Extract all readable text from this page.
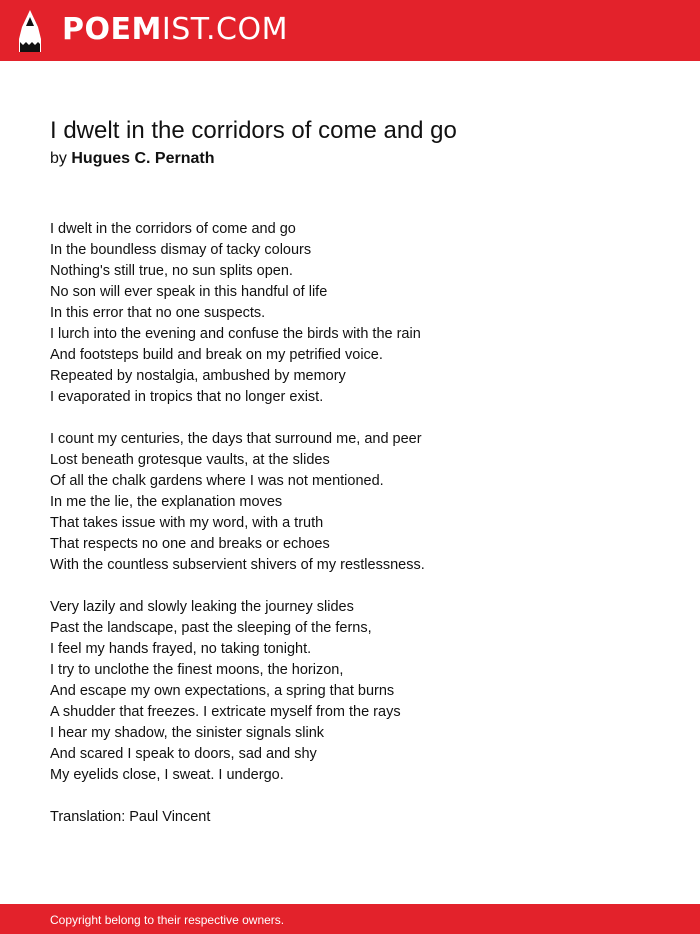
POEMIST.COM
I dwelt in the corridors of come and go
by Hugues C. Pernath
I dwelt in the corridors of come and go
In the boundless dismay of tacky colours
Nothing's still true, no sun splits open.
No son will ever speak in this handful of life
In this error that no one suspects.
I lurch into the evening and confuse the birds with the rain
And footsteps build and break on my petrified voice.
Repeated by nostalgia, ambushed by memory
I evaporated in tropics that no longer exist.
I count my centuries, the days that surround me, and peer
Lost beneath grotesque vaults, at the slides
Of all the chalk gardens where I was not mentioned.
In me the lie, the explanation moves
That takes issue with my word, with a truth
That respects no one and breaks or echoes
With the countless subservient shivers of my restlessness.
Very lazily and slowly leaking the journey slides
Past the landscape, past the sleeping of the ferns,
I feel my hands frayed, no taking tonight.
I try to unclothe the finest moons, the horizon,
And escape my own expectations, a spring that burns
A shudder that freezes. I extricate myself from the rays
I hear my shadow, the sinister signals slink
And scared I speak to doors, sad and shy
My eyelids close, I sweat. I undergo.
Translation: Paul Vincent
Copyright belong to their respective owners.
